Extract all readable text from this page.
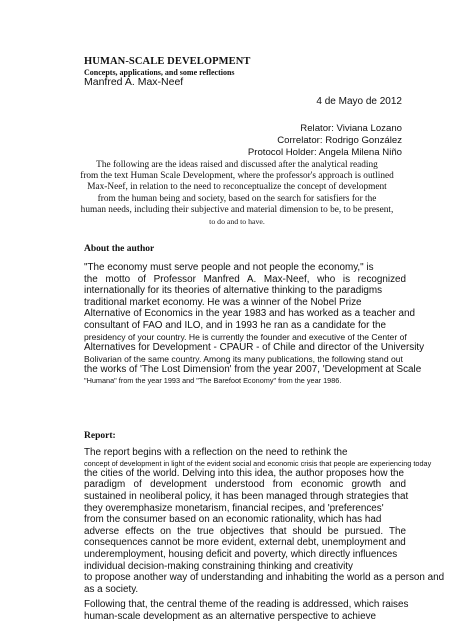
HUMAN-SCALE DEVELOPMENT
Concepts, applications, and some reflections
Manfred A. Max-Neef
4 de Mayo de 2012
Relator: Viviana Lozano
Correlator: Rodrigo González
Protocol Holder: Angela Milena Niño
The following are the ideas raised and discussed after the analytical reading
from the text Human Scale Development, where the professor's approach is outlined
Max-Neef, in relation to the need to reconceptualize the concept of development
from the human being and society, based on the search for satisfiers for the
human needs, including their subjective and material dimension to be, to be present,
to do and to have.
About the author
"The economy must serve people and not people the economy," is
the motto of Professor Manfred A. Max-Neef, who is recognized
internationally for its theories of alternative thinking to the paradigms
traditional market economy. He was a winner of the Nobel Prize
Alternative of Economics in the year 1983 and has worked as a teacher and
consultant of FAO and ILO, and in 1993 he ran as a candidate for the
presidency of your country. He is currently the founder and executive of the Center of
Alternatives for Development - CPAUR - of Chile and director of the University
Bolivarian of the same country. Among its many publications, the following stand out
the works of 'The Lost Dimension' from the year 2007, 'Development at Scale
"Humana" from the year 1993 and "The Barefoot Economy" from the year 1986.
Report:
The report begins with a reflection on the need to rethink the
concept of development in light of the evident social and economic crisis that people are experiencing today
the cities of the world. Delving into this idea, the author proposes how the
paradigm of development understood from economic growth and
sustained in neoliberal policy, it has been managed through strategies that
they overemphasize monetarism, financial recipes, and 'preferences'
from the consumer based on an economic rationality, which has had
adverse effects on the true objectives that should be pursued. The
consequences cannot be more evident, external debt, unemployment and
underemployment, housing deficit and poverty, which directly influences
individual decision-making constraining thinking and creativity
to propose another way of understanding and inhabiting the world as a person and
as a society.
Following that, the central theme of the reading is addressed, which raises
human-scale development as an alternative perspective to achieve
